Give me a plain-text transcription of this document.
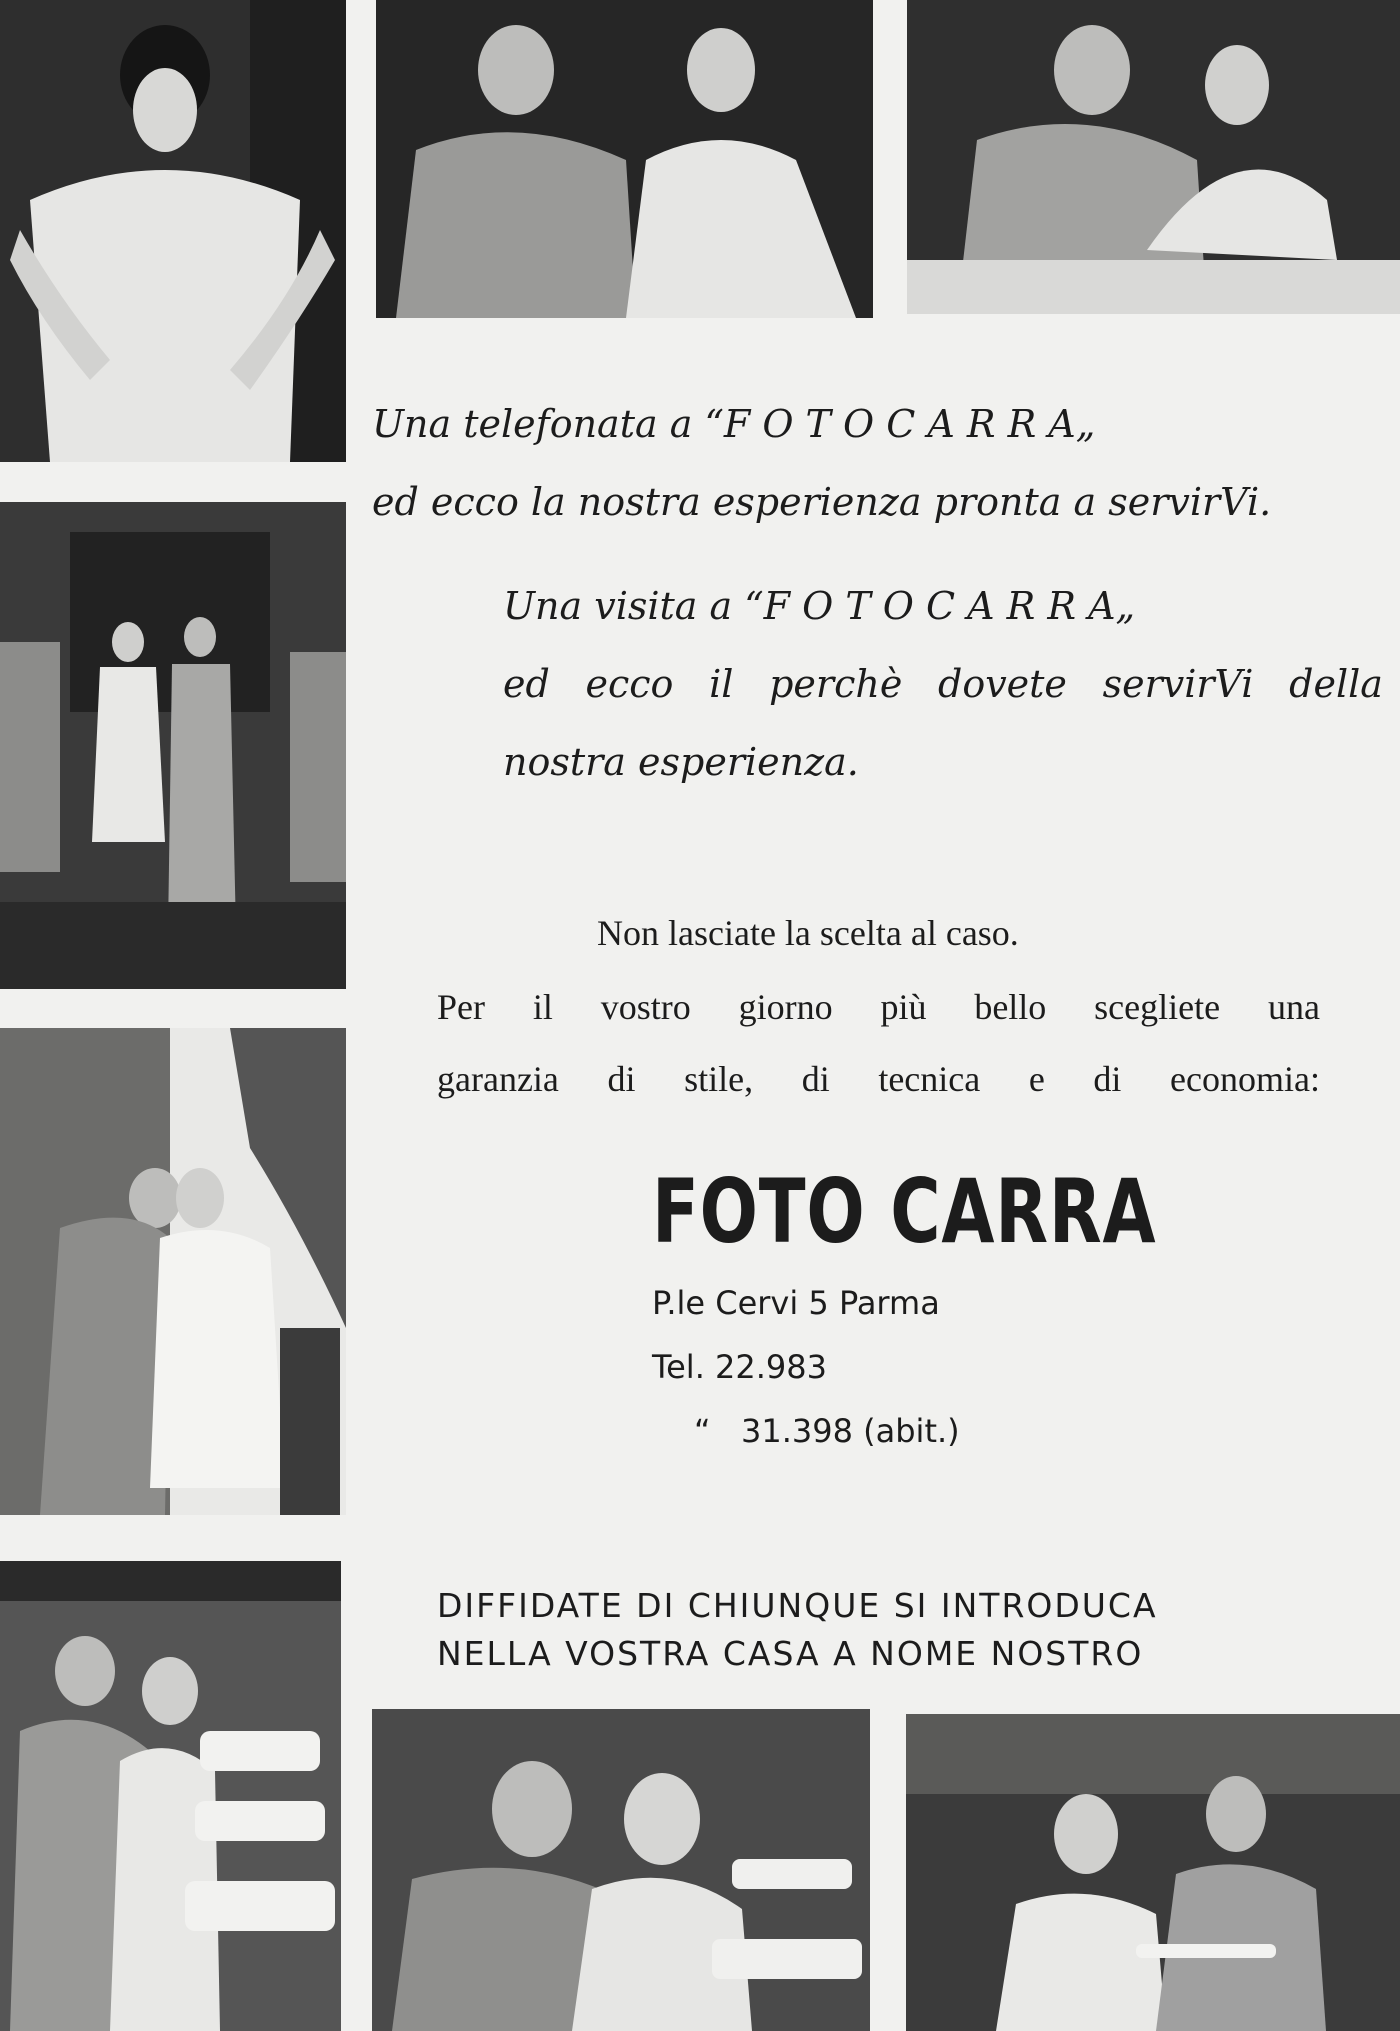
Una telefonata a “F O T O C A R R A„
ed ecco la nostra esperienza pronta a servirVi.
Una visita a “F O T O C A R R A„
ed ecco il perchè dovete servirVi della
nostra esperienza.
Non lasciate la scelta al caso.
Per il vostro giorno più bello scegliete una
garanzia di stile, di tecnica e di economia:
FOTO CARRA
P.le Cervi 5 Parma
Tel. 22.983
“ 31.398 (abit.)
DIFFIDATE DI CHIUNQUE SI INTRODUCA
NELLA VOSTRA CASA A NOME NOSTRO
